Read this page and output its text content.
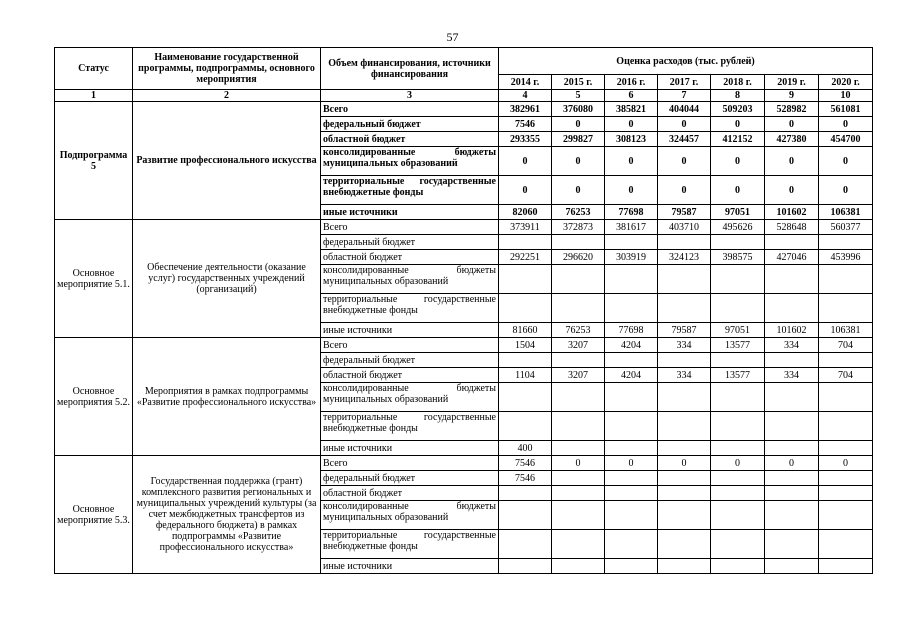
57
Статус	Наименование государственной программы, подпрограммы, основного мероприятия	Объем финансирования, источники финансирования	Оценка расходов (тыс. рублей)						
			2014 г.	2015 г.	2016 г.	2017 г.	2018 г.	2019 г.	2020 г.
1	2	3	4	5	6	7	8	9	10
Подпрограмма 5	Развитие профессионального искусства	Всего	382961	376080	385821	404044	509203	528982	561081
		федеральный бюджет	7546	0	0	0	0	0	0
		областной бюджет	293355	299827	308123	324457	412152	427380	454700
		консолидированные бюджеты муниципальных образований	0	0	0	0	0	0	0
		территориальные государственные внебюджетные фонды	0	0	0	0	0	0	0
		иные источники	82060	76253	77698	79587	97051	101602	106381
Основное мероприятие 5.1.	Обеспечение деятельности (оказание услуг) государственных учреждений (организаций)	Всего	373911	372873	381617	403710	495626	528648	560377
		федеральный бюджет							
		областной бюджет	292251	296620	303919	324123	398575	427046	453996
		консолидированные бюджеты муниципальных образований							
		территориальные государственные внебюджетные фонды							
		иные источники	81660	76253	77698	79587	97051	101602	106381
Основное мероприятия 5.2.	Мероприятия в рамках подпрограммы «Развитие профессионального искусства»	Всего	1504	3207	4204	334	13577	334	704
		федеральный бюджет							
		областной бюджет	1104	3207	4204	334	13577	334	704
		консолидированные бюджеты муниципальных образований							
		территориальные государственные внебюджетные фонды							
		иные источники	400						
Основное мероприятие 5.3.	Государственная поддержка (грант) комплексного развития региональных и муниципальных учреждений культуры (за счет межбюджетных трансфертов из федерального бюджета) в рамках подпрограммы «Развитие профессионального искусства»	Всего	7546	0	0	0	0	0	0
		федеральный бюджет	7546						
		областной бюджет							
		консолидированные бюджеты муниципальных образований							
		территориальные государственные внебюджетные фонды							
		иные источники							
